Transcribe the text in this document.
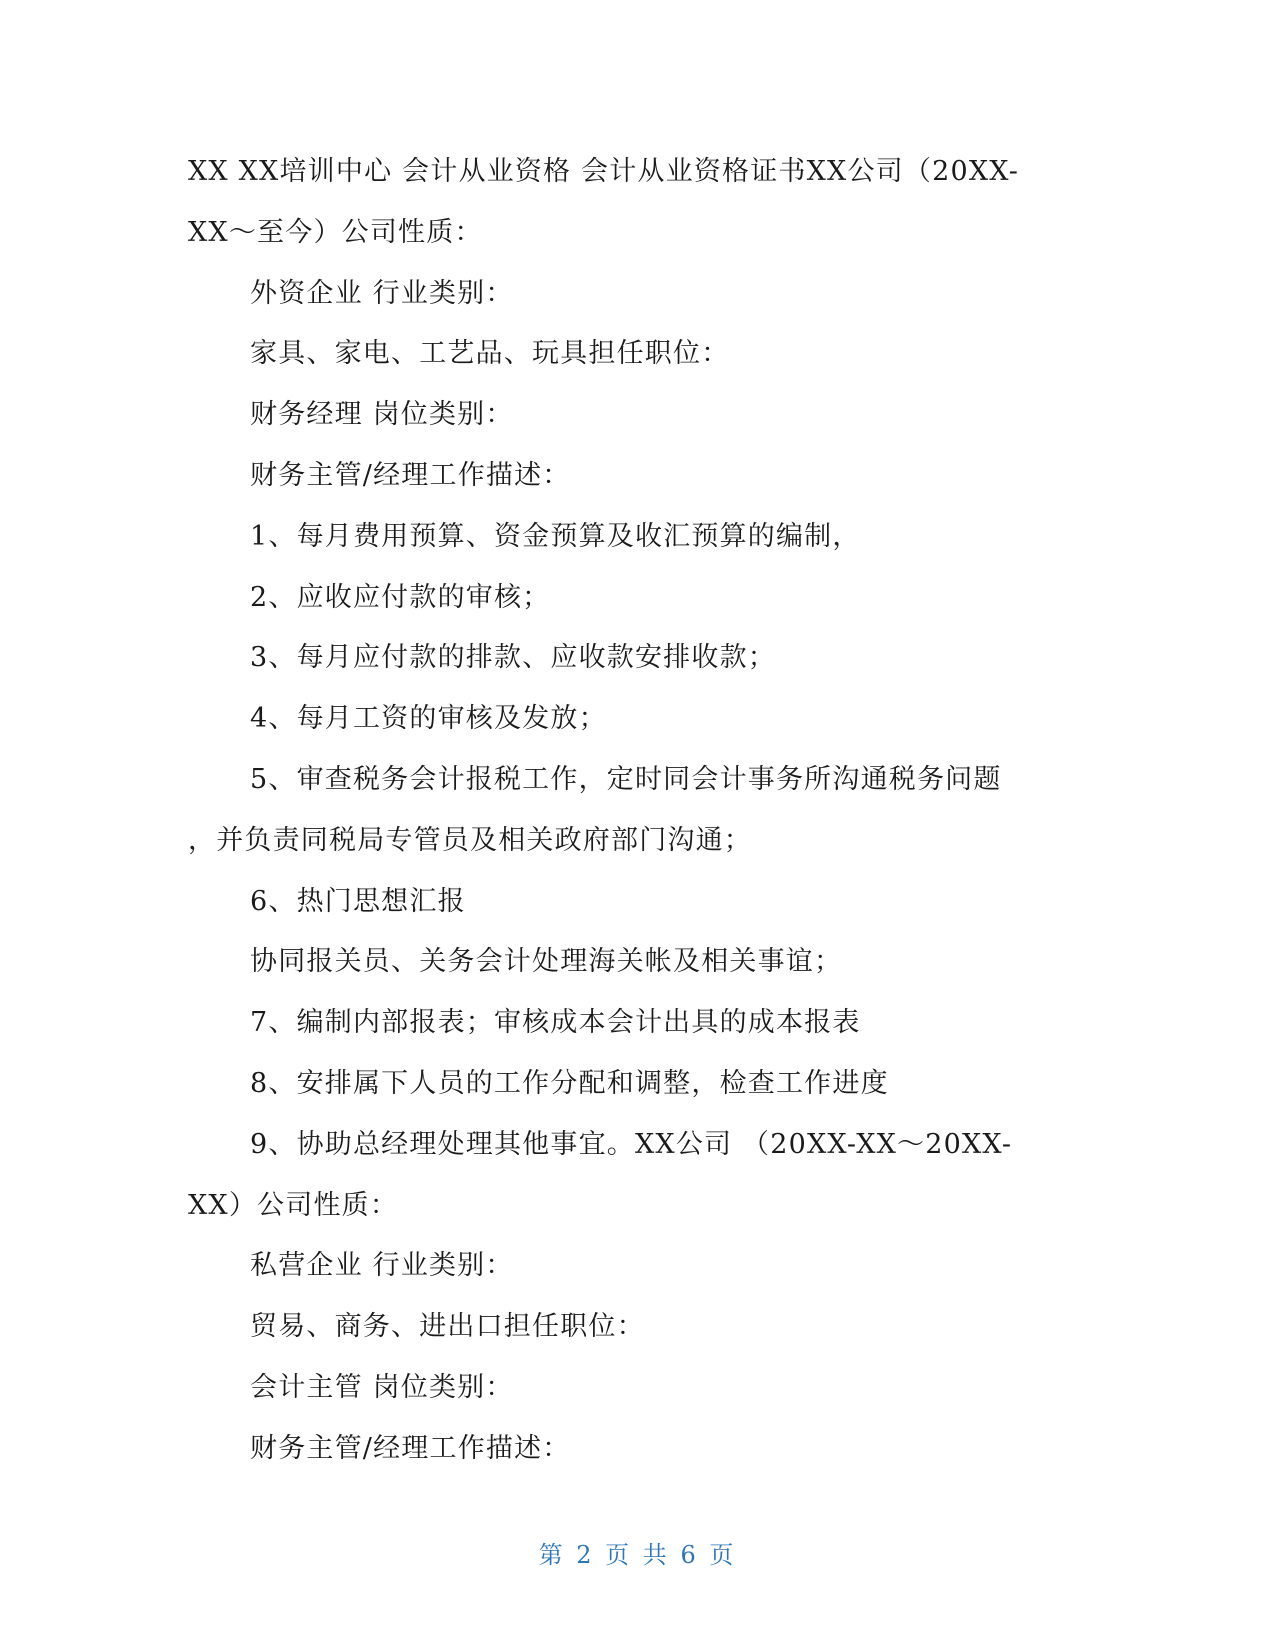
XX XX培训中心 会计从业资格 会计从业资格证书XX公司（20XX-
XX～至今）公司性质：
外资企业 行业类别：
家具、家电、工艺品、玩具担任职位：
财务经理 岗位类别：
财务主管/经理工作描述：
1、每月费用预算、资金预算及收汇预算的编制，
2、应收应付款的审核；
3、每月应付款的排款、应收款安排收款；
4、每月工资的审核及发放；
5、审查税务会计报税工作，定时同会计事务所沟通税务问题
，并负责同税局专管员及相关政府部门沟通；
6、热门思想汇报
协同报关员、关务会计处理海关帐及相关事谊；
7、编制内部报表；审核成本会计出具的成本报表
8、安排属下人员的工作分配和调整，检查工作进度
9、协助总经理处理其他事宜。XX公司 （20XX-XX～20XX-
XX）公司性质：
私营企业 行业类别：
贸易、商务、进出口担任职位：
会计主管 岗位类别：
财务主管/经理工作描述：
第 2 页 共 6 页
